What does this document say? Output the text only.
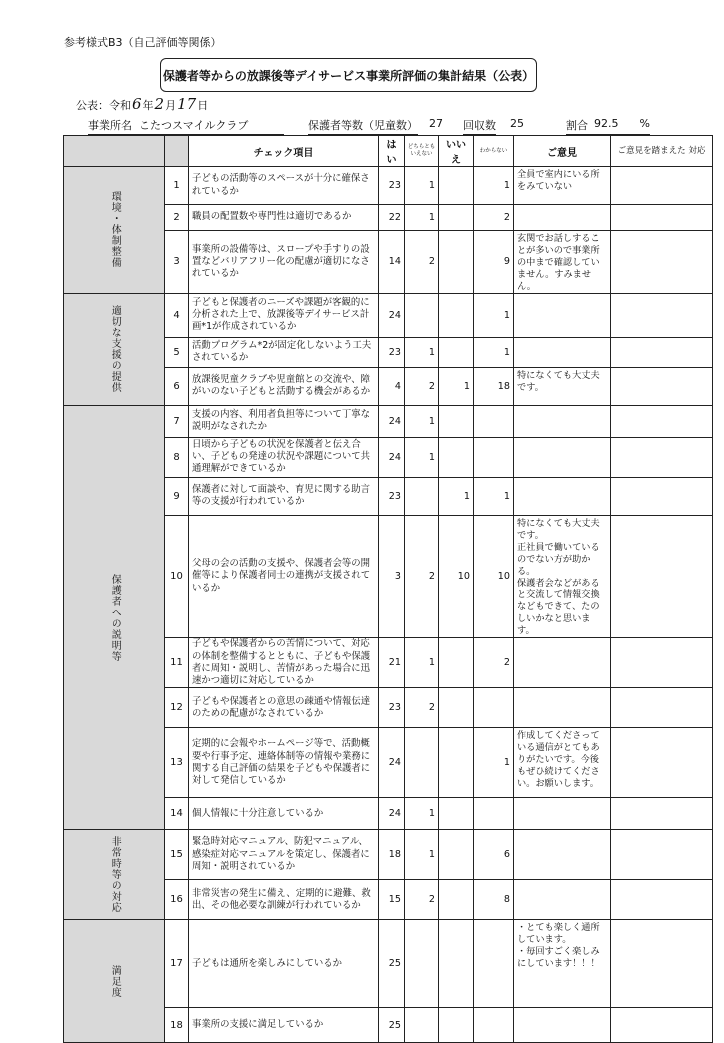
参考様式B3（自己評価等関係）
保護者等からの放課後等デイサービス事業所評価の集計結果（公表）
公表：令和 6 年 2 月 17 日
事業所名 こたつスマイルクラブ	保護者等数（児童数） 27 回収数 25	割合 92.5 %
		チェック項目	はい	どちらとも いえない	いいえ	わからない	ご意見	ご意見を踏まえた 対応

環境・体制整備	1	子どもの活動等のスペースが十分に確保されているか	23	1		1	全員で室内にいる所をみていない	
	2	職員の配置数や専門性は適切であるか	22	1		2		
	3	事業所の設備等は、スロープや手すりの設置などバリアフリー化の配慮が適切になされているか	14	2		9	玄関でお話しすることが多いので事業所の中まで確認していません。すみません。	

適切な支援の提供	4	子どもと保護者のニーズや課題が客観的に分析された上で、放課後等デイサービス計画*1が作成されているか	24			1		
	5	活動プログラム*2が固定化しないよう工夫されているか	23	1		1		
	6	放課後児童クラブや児童館との交流や、障がいのない子どもと活動する機会があるか	4	2	1	18	特になくても大丈夫です。	

保護者への説明等	7	支援の内容、利用者負担等について丁寧な説明がなされたか	24	1				
	8	日頃から子どもの状況を保護者と伝え合い、子どもの発達の状況や課題について共通理解ができているか	24	1				
	9	保護者に対して面談や、育児に関する助言等の支援が行われているか	23		1	1		
	10	父母の会の活動の支援や、保護者会等の開催等により保護者同士の連携が支援されているか	3	2	10	10	特になくても大丈夫です。
正社員で働いているのでない方が助かる。
保護者会などがあると交流して情報交換などもできて、たのしいかなと思います。	
	11	子どもや保護者からの苦情について、対応の体制を整備するとともに、子どもや保護者に周知・説明し、苦情があった場合に迅速かつ適切に対応しているか	21	1		2		
	12	子どもや保護者との意思の疎通や情報伝達のための配慮がなされているか	23	2				
	13	定期的に会報やホームページ等で、活動概要や行事予定、連絡体制等の情報や業務に関する自己評価の結果を子どもや保護者に対して発信しているか	24			1	作成してくださっている通信がとてもありがたいです。今後もぜひ続けてください。お願いします。	
	14	個人情報に十分注意しているか	24	1				

非常時等の対応	15	緊急時対応マニュアル、防犯マニュアル、感染症対応マニュアルを策定し、保護者に周知・説明されているか	18	1		6		
	16	非常災害の発生に備え、定期的に避難、救出、その他必要な訓練が行われているか	15	2		8		

満足度	17	子どもは通所を楽しみにしているか	25				・とても楽しく通所しています。
・毎回すごく楽しみにしています！！！	
	18	事業所の支援に満足しているか	25					
